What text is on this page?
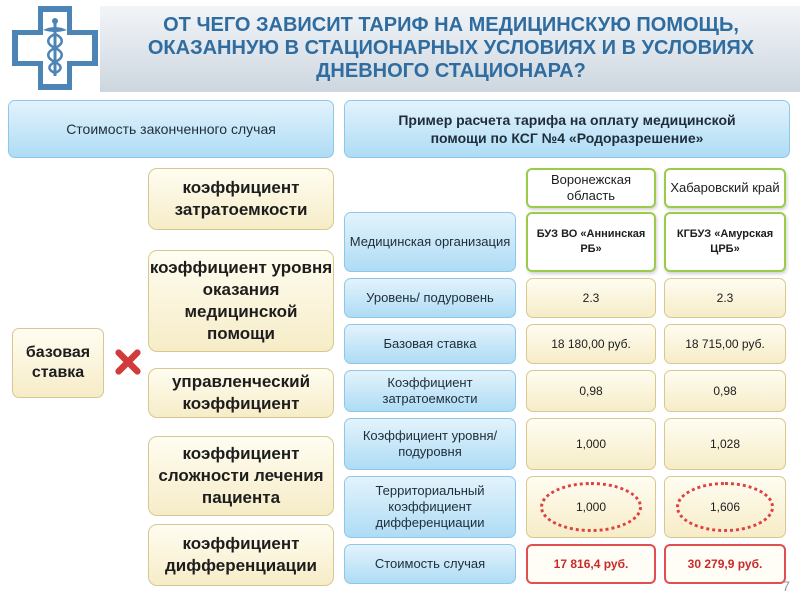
ОТ ЧЕГО ЗАВИСИТ ТАРИФ НА МЕДИЦИНСКУЮ ПОМОЩЬ, ОКАЗАННУЮ В СТАЦИОНАРНЫХ УСЛОВИЯХ И В УСЛОВИЯХ ДНЕВНОГО СТАЦИОНАРА?
Стоимость законченного случая
базовая ставка
коэффициент затратоемкости
коэффициент уровня оказания медицинской помощи
управленческий коэффициент
коэффициент сложности лечения пациента
коэффициент дифференциации
Пример расчета тарифа на оплату медицинской помощи по КСГ №4 «Родоразрешение»
Воронежская область
Хабаровский край
Медицинская организация
Уровень/ подуровень
Базовая ставка
Коэффициент затратоемкости
Коэффициент уровня/ подуровня
Территориальный коэффициент дифференциации
Стоимость случая
БУЗ ВО «Аннинская РБ»
2.3
18 180,00 руб.
0,98
1,000
1,000
17 816,4 руб.
КГБУЗ «Амурская ЦРБ»
2.3
18 715,00 руб.
0,98
1,028
1,606
30 279,9 руб.
7
